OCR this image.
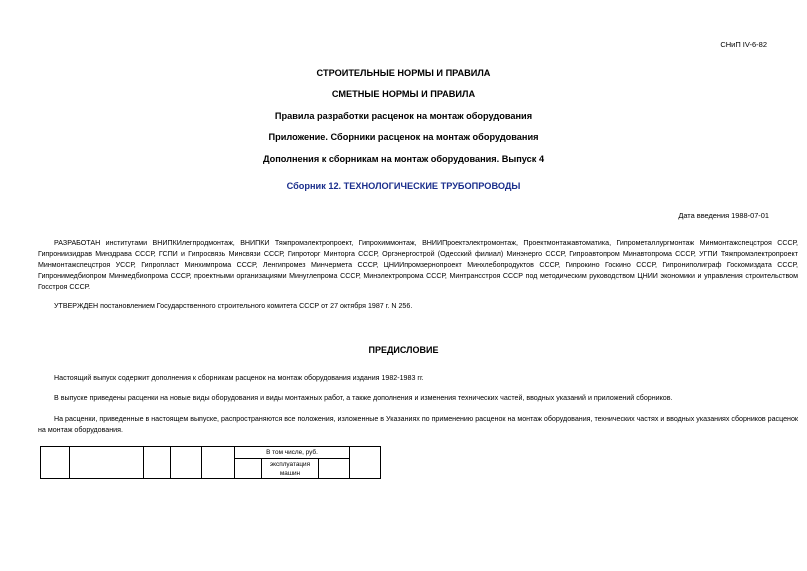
СНиП IV-6-82
СТРОИТЕЛЬНЫЕ НОРМЫ И ПРАВИЛА
СМЕТНЫЕ НОРМЫ И ПРАВИЛА
Правила разработки расценок на монтаж оборудования
Приложение. Сборники расценок на монтаж оборудования
Дополнения к сборникам на монтаж оборудования. Выпуск 4
Сборник 12. ТЕХНОЛОГИЧЕСКИЕ ТРУБОПРОВОДЫ
Дата введения 1988-07-01
РАЗРАБОТАН институтами ВНИПКИлегпродмонтаж, ВНИПКИ Тяжпромэлектропроект, Гипрохиммонтаж, ВНИИПроектэлектромонтаж, Проектмонтажавтоматика, Гипрометаллургмонтаж Минмонтажспецстроя СССР, Гипрониизидрав Минздрава СССР, ГСПИ и Гипросвязь Минсвязи СССР, Гипроторг Минторга СССР, Оргэнергострой (Одесский филиал) Минэнерго СССР, Гипроавтопром Минавтопрома СССР, УГПИ Тяжпромэлектропроект Минмонтажспецстроя УССР, Гипропласт Минхимпрома СССР, Ленгипромез Минчермета СССР, ЦНИИпромзернопроект Минхлебопродуктов СССР, Гипрокино Госкино СССР, Гипрониполиграф Госкомиздата СССР, Гипронимедбиопром Минмедбиопрома СССР, проектными организациями Минуглепрома СССР, Минэлектропрома СССР, Минтрансстроя СССР под методическим руководством ЦНИИ экономики и управления строительством Госстроя СССР.
УТВЕРЖДЕН постановлением Государственного строительного комитета СССР от 27 октября 1987 г. N 256.
ПРЕДИСЛОВИЕ
Настоящий выпуск содержит дополнения к сборникам расценок на монтаж оборудования издания 1982-1983 гг.
В выпуске приведены расценки на новые виды оборудования и виды монтажных работ, а также дополнения и изменения технических частей, вводных указаний и приложений сборников.
На расценки, приведенные в настоящем выпуске, распространяются все положения, изложенные в Указаниях по применению расценок на монтаж оборудования, технических частях и вводных указаниях сборников расценок на монтаж оборудования.
					В том числе, руб.			
						эксплуатация машин		
